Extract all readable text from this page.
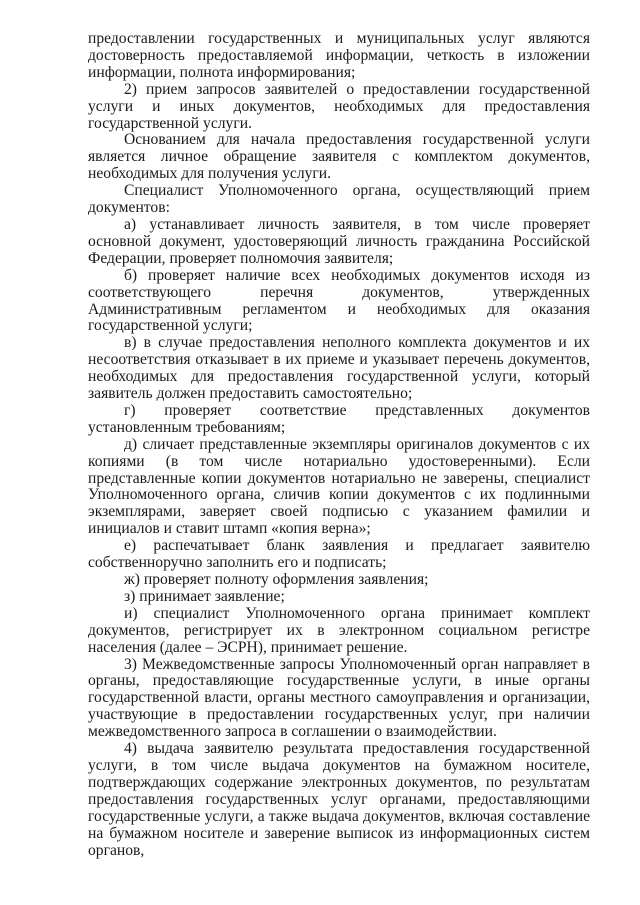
предоставлении государственных и муниципальных услуг являются достоверность предоставляемой информации, четкость в изложении информации, полнота информирования;

2) прием запросов заявителей о предоставлении государственной услуги и иных документов, необходимых для предоставления государственной услуги.

Основанием для начала предоставления государственной услуги является личное обращение заявителя с комплектом документов, необходимых для получения услуги.

Специалист Уполномоченного органа, осуществляющий прием документов:

а) устанавливает личность заявителя, в том числе проверяет основной документ, удостоверяющий личность гражданина Российской Федерации, проверяет полномочия заявителя;

б) проверяет наличие всех необходимых документов исходя из соответствующего перечня документов, утвержденных Административным регламентом и необходимых для оказания государственной услуги;

в) в случае предоставления неполного комплекта документов и их несоответствия отказывает в их приеме и указывает перечень документов, необходимых для предоставления государственной услуги, который заявитель должен предоставить самостоятельно;

г) проверяет соответствие представленных документов установленным требованиям;

д) сличает представленные экземпляры оригиналов документов с их копиями (в том числе нотариально удостоверенными). Если представленные копии документов нотариально не заверены, специалист Уполномоченного органа, сличив копии документов с их подлинными экземплярами, заверяет своей подписью с указанием фамилии и инициалов и ставит штамп «копия верна»;

е) распечатывает бланк заявления и предлагает заявителю собственноручно заполнить его и подписать;

ж) проверяет полноту оформления заявления;

з) принимает заявление;

и) специалист Уполномоченного органа принимает комплект документов, регистрирует их в электронном социальном регистре населения (далее – ЭСРН), принимает решение.

3) Межведомственные запросы Уполномоченный орган направляет в органы, предоставляющие государственные услуги, в иные органы государственной власти, органы местного самоуправления и организации, участвующие в предоставлении государственных услуг, при наличии межведомственного запроса в соглашении о взаимодействии.

4) выдача заявителю результата предоставления государственной услуги, в том числе выдача документов на бумажном носителе, подтверждающих содержание электронных документов, по результатам предоставления государственных услуг органами, предоставляющими государственные услуги, а также выдача документов, включая составление на бумажном носителе и заверение выписок из информационных систем органов,
